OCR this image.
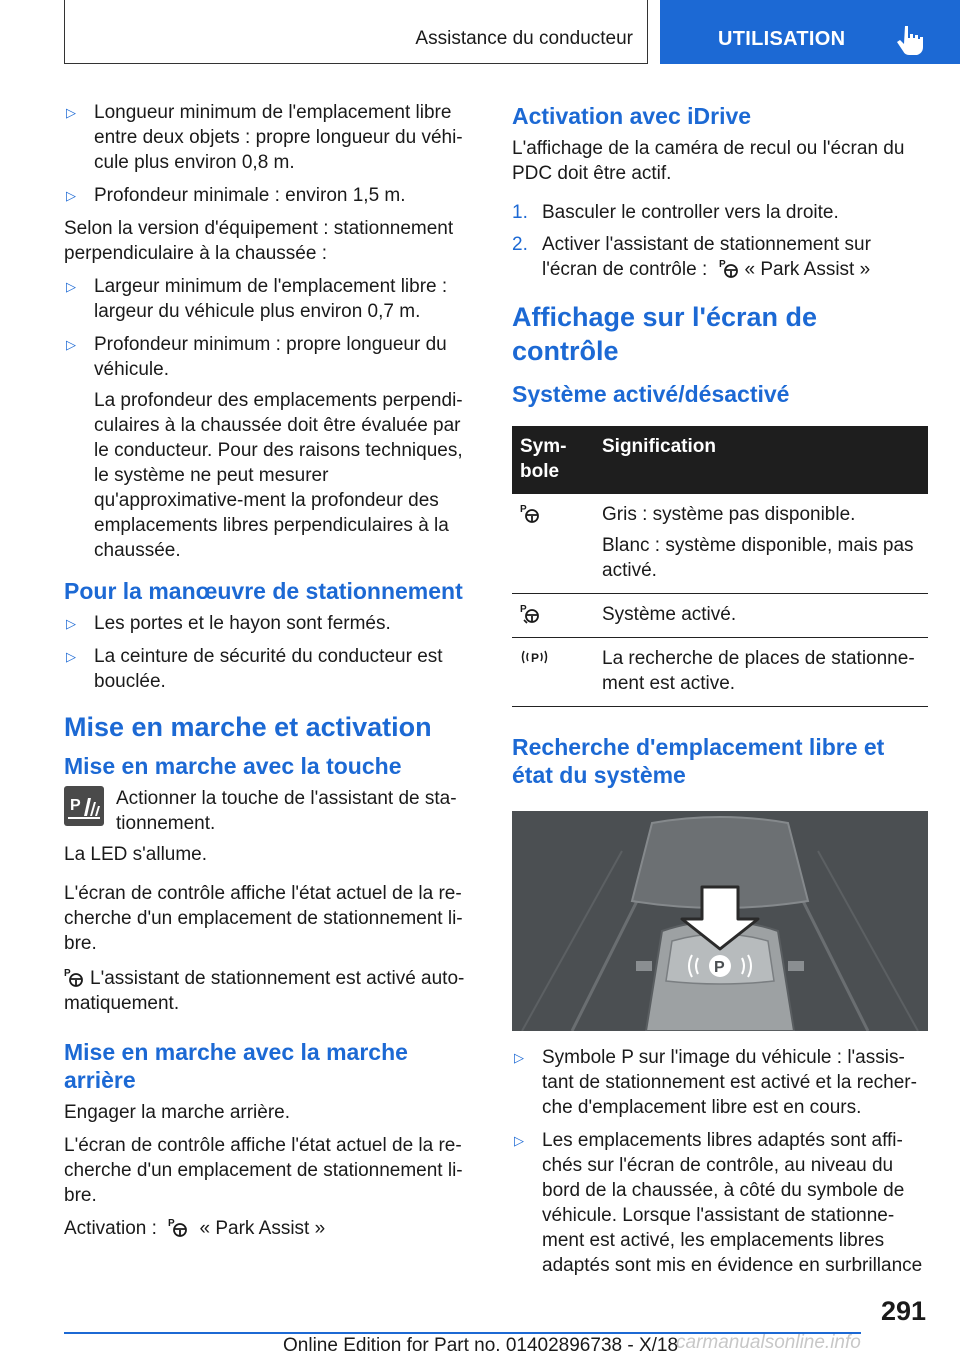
Assistance du conducteur	UTILISATION
▷ Longueur minimum de l'emplacement libre entre deux objets : propre longueur du véhi-cule plus environ 0,8 m.
▷ Profondeur minimale : environ 1,5 m.

Selon la version d'équipement : stationnement perpendiculaire à la chaussée :

▷ Largeur minimum de l'emplacement libre : largeur du véhicule plus environ 0,7 m.
▷ Profondeur minimum : propre longueur du véhicule.
La profondeur des emplacements perpendi-culaires à la chaussée doit être évaluée par le conducteur. Pour des raisons techniques, le système ne peut mesurer qu'approximative-ment la profondeur des emplacements libres perpendiculaires à la chaussée.
Pour la manœuvre de stationnement
▷ Les portes et le hayon sont fermés.
▷ La ceinture de sécurité du conducteur est bouclée.
Mise en marche et activation
Mise en marche avec la touche
P Actionner la touche de l'assistant de sta-tionnement.

La LED s'allume.

L'écran de contrôle affiche l'état actuel de la re-cherche d'un emplacement de stationnement li-bre.

P L'assistant de stationnement est activé auto-matiquement.

Mise en marche avec la marche arrière

Engager la marche arrière.

L'écran de contrôle affiche l'état actuel de la re-cherche d'un emplacement de stationnement li-bre.

Activation : P « Park Assist »

Activation avec iDrive

L'affichage de la caméra de recul ou l'écran du PDC doit être actif.

1. Basculer le controller vers la droite.
2. Activer l'assistant de stationnement sur l'écran de contrôle : P « Park Assist »
Affichage sur l'écran de contrôle
Système activé/désactivé
Sym-bole	Signification

P	Gris : système pas disponible.
Blanc : système disponible, mais pas activé.

P	Système activé.

P	La recherche de places de stationne-ment est active.
Recherche d'emplacement libre et état du système
P
▷ Symbole P sur l'image du véhicule : l'assis-tant de stationnement est activé et la recher-che d'emplacement libre est en cours.
▷ Les emplacements libres adaptés sont affi-chés sur l'écran de contrôle, au niveau du bord de la chaussée, à côté du symbole de véhicule. Lorsque l'assistant de stationne-ment est activé, les emplacements libres adaptés sont mis en évidence en surbrillance
291
Online Edition for Part no. 01402896738 - X/18
carmanualsonline.info
